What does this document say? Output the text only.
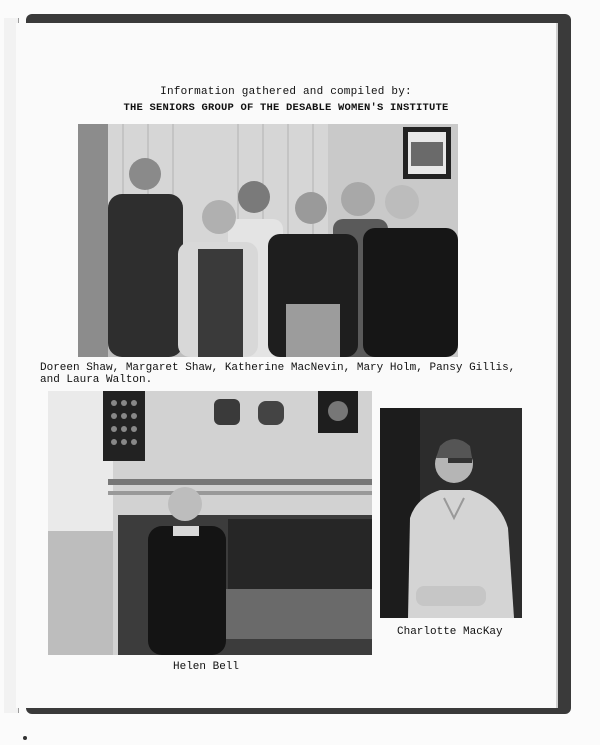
Information gathered and compiled by:
THE SENIORS GROUP OF THE DESABLE WOMEN'S INSTITUTE
Doreen Shaw, Margaret Shaw, Katherine MacNevin, Mary Holm, Pansy Gillis,
and Laura Walton.
Helen Bell
Charlotte MacKay
